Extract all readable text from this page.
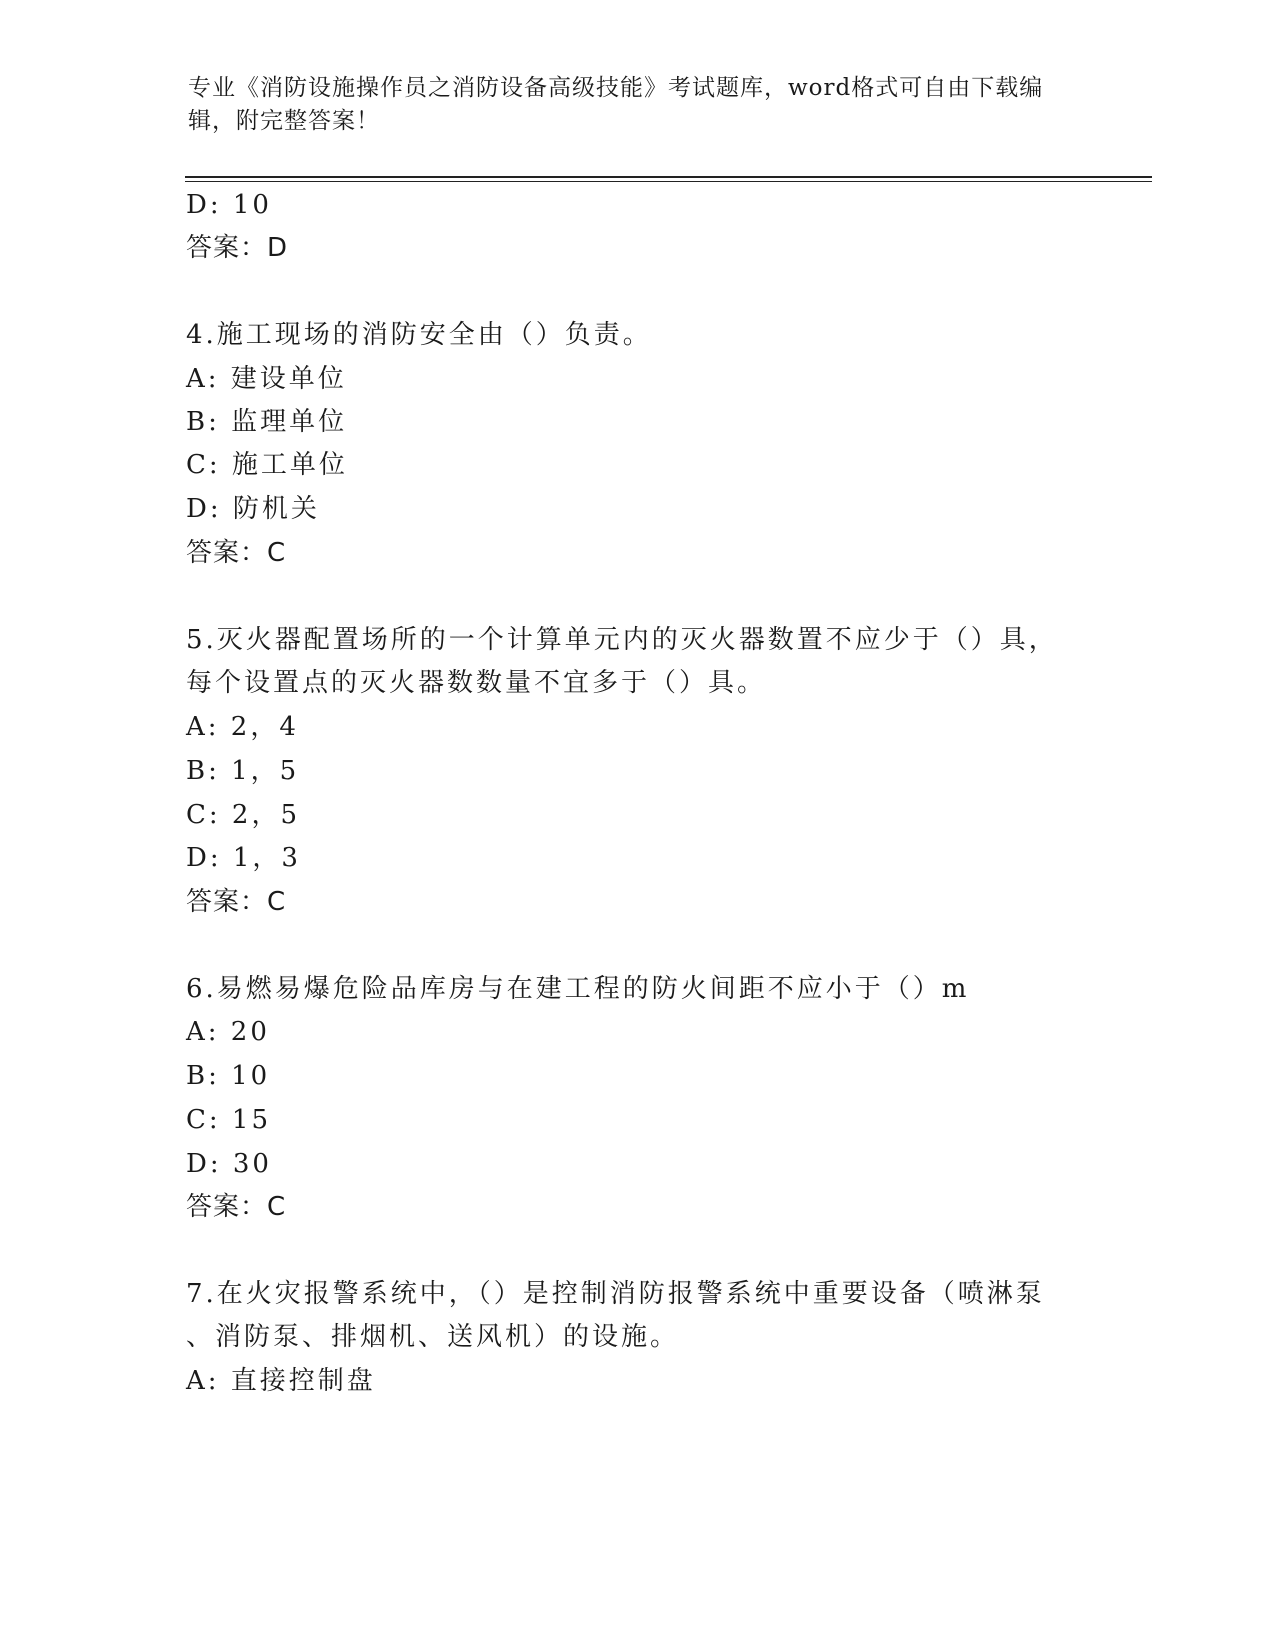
专业《消防设施操作员之消防设备高级技能》考试题库，word格式可自由下载编
辑，附完整答案！
D: 10
答案：D
4.施工现场的消防安全由（）负责。
A: 建设单位
B: 监理单位
C: 施工单位
D: 防机关
答案：C
5.灭火器配置场所的一个计算单元内的灭火器数置不应少于（）具，
每个设置点的灭火器数数量不宜多于（）具。
A: 2，4
B: 1，5
C: 2，5
D: 1，3
答案：C
6.易燃易爆危险品库房与在建工程的防火间距不应小于（）m
A: 20
B: 10
C: 15
D: 30
答案：C
7.在火灾报警系统中，（）是控制消防报警系统中重要设备（喷淋泵
、消防泵、排烟机、送风机）的设施。
A: 直接控制盘
